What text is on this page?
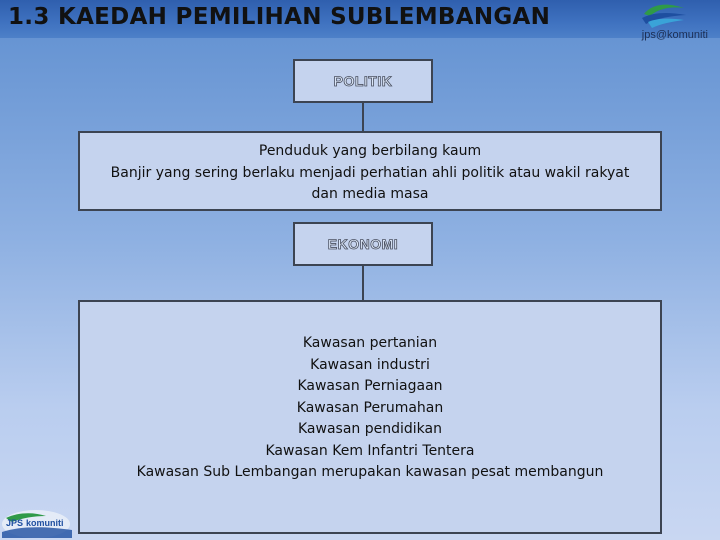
1.3 KAEDAH PEMILIHAN SUBLEMBANGAN
jps@komuniti
POLITIK
Penduduk yang berbilang kaum
Banjir yang sering berlaku menjadi perhatian ahli politik atau wakil rakyat
dan media masa
EKONOMI
Kawasan pertanian
Kawasan industri
Kawasan Perniagaan
Kawasan Perumahan
Kawasan pendidikan
Kawasan Kem Infantri Tentera
Kawasan Sub Lembangan merupakan kawasan pesat membangun
JPS komuniti
